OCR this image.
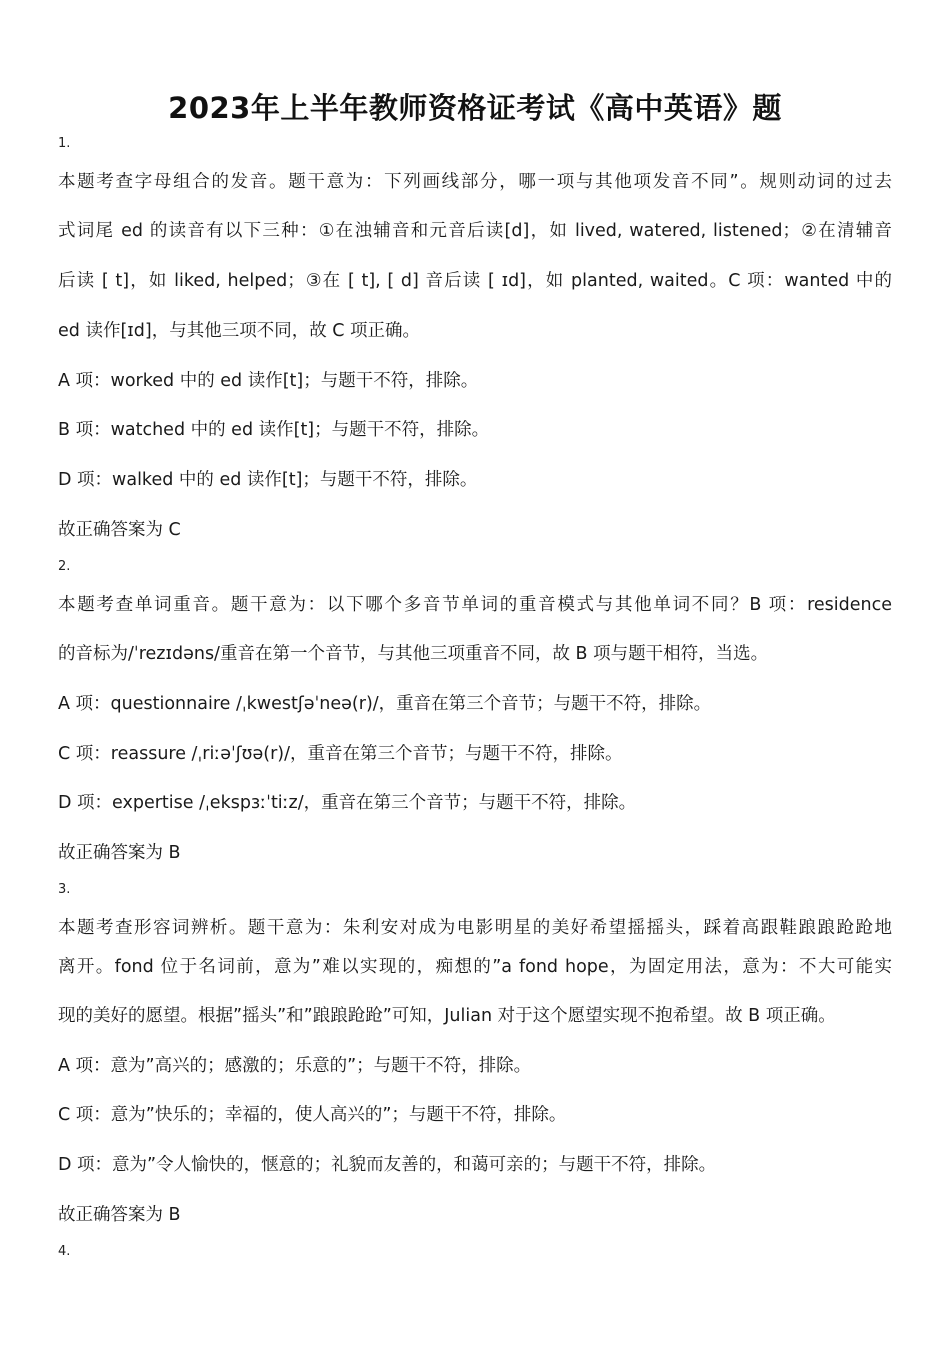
2023年上半年教师资格证考试《高中英语》题
1.
本题考查字母组合的发音。题干意为：下列画线部分，哪一项与其他项发音不同”。规则动词的过去
式词尾 ed 的读音有以下三种：①在浊辅音和元音后读[d]，如 lived, watered, listened；②在清辅音
后读 [ t]，如 liked, helped；③在 [ t], [ d] 音后读 [ ɪd]，如 planted, waited。C 项：wanted 中的
ed 读作[ɪd]，与其他三项不同，故 C 项正确。
A 项：worked 中的 ed 读作[t]；与题干不符，排除。
B 项：watched 中的 ed 读作[t]；与题干不符，排除。
D 项：walked 中的 ed 读作[t]；与题干不符，排除。
故正确答案为 C
2.
本题考查单词重音。题干意为：以下哪个多音节单词的重音模式与其他单词不同？B 项：residence
的音标为/ˈrezɪdəns/重音在第一个音节，与其他三项重音不同，故 B 项与题干相符，当选。
A 项：questionnaire /ˌkwestʃəˈneə(r)/，重音在第三个音节；与题干不符，排除。
C 项：reassure /ˌriːəˈʃʊə(r)/，重音在第三个音节；与题干不符，排除。
D 项：expertise /ˌekspɜːˈtiːz/，重音在第三个音节；与题干不符，排除。
故正确答案为 B
3.
本题考查形容词辨析。题干意为：朱利安对成为电影明星的美好希望摇摇头，踩着高跟鞋踉踉跄跄地
离开。fond 位于名词前，意为”难以实现的，痴想的”a fond hope，为固定用法，意为：不大可能实
现的美好的愿望。根据”摇头”和”踉踉跄跄”可知，Julian 对于这个愿望实现不抱希望。故 B 项正确。
A 项：意为”高兴的；感激的；乐意的”；与题干不符，排除。
C 项：意为”快乐的；幸福的，使人高兴的”；与题干不符，排除。
D 项：意为”令人愉快的，惬意的；礼貌而友善的，和蔼可亲的；与题干不符，排除。
故正确答案为 B
4.
